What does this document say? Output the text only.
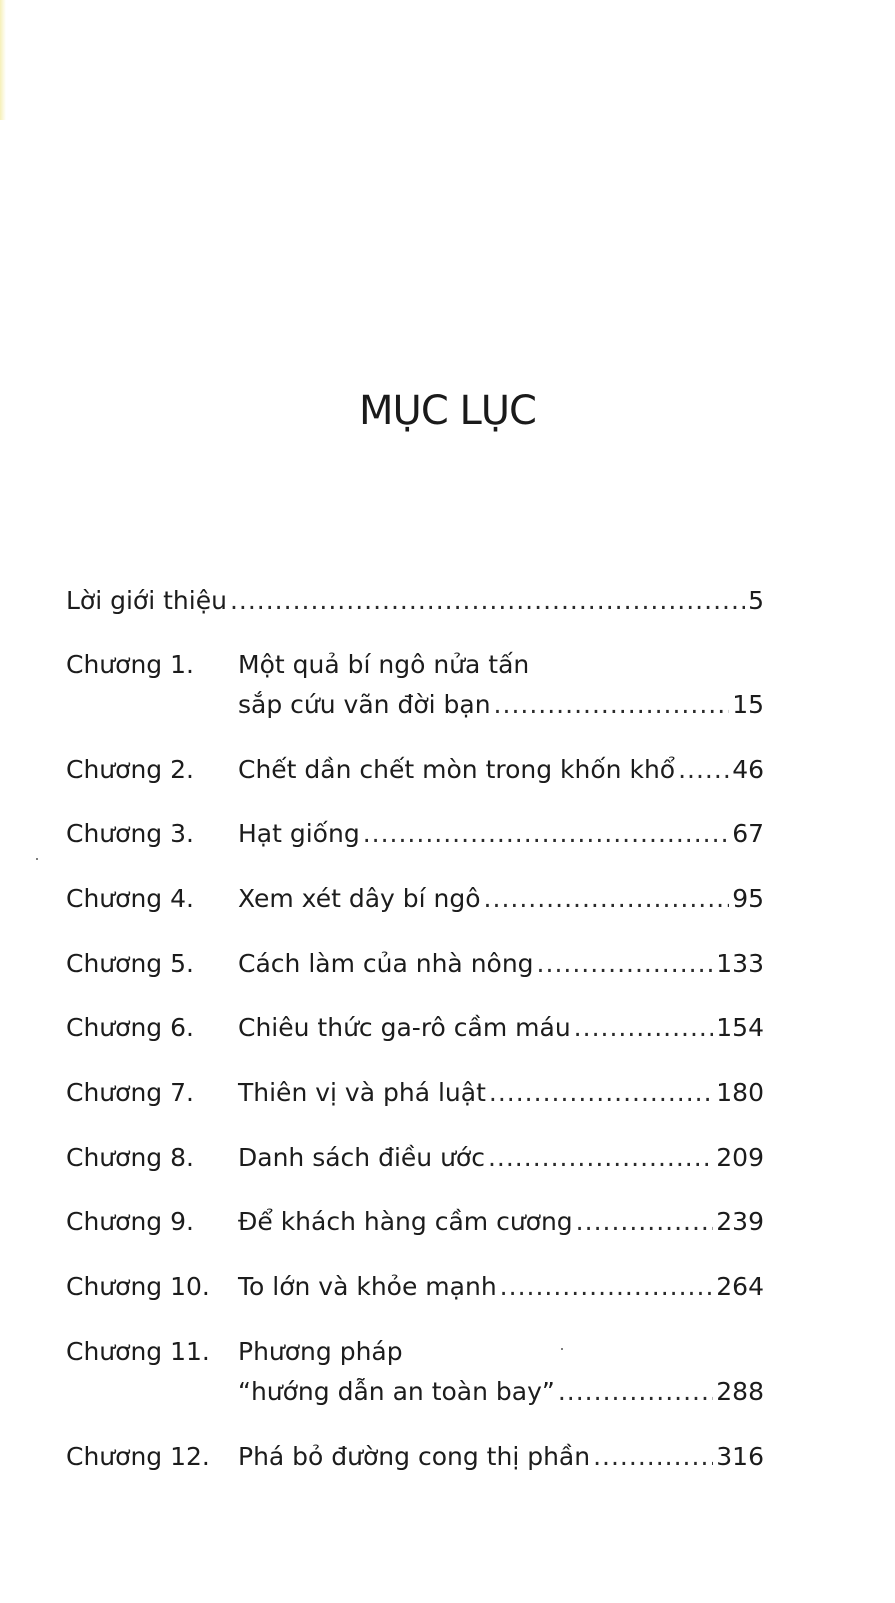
MỤC LỤC
Lời giới thiệu .....	5
Chương 1. Một quả bí ngô nửa tấn
sắp cứu vãn đời bạn .....	15
Chương 2. Chết dần chết mòn trong khốn khổ ..... 46
Chương 3. Hạt giống .....	67
Chương 4. Xem xét dây bí ngô .....	95
Chương 5. Cách làm của nhà nông .....	133
Chương 6. Chiêu thức ga-rô cầm máu .....	154
Chương 7. Thiên vị và phá luật .....	180
Chương 8. Danh sách điều ước .....	209
Chương 9. Để khách hàng cầm cương .....	239
Chương 10. To lớn và khỏe mạnh .....	264
Chương 11. Phương pháp
“hướng dẫn an toàn bay” .....	288
Chương 12. Phá bỏ đường cong thị phần .....	316
